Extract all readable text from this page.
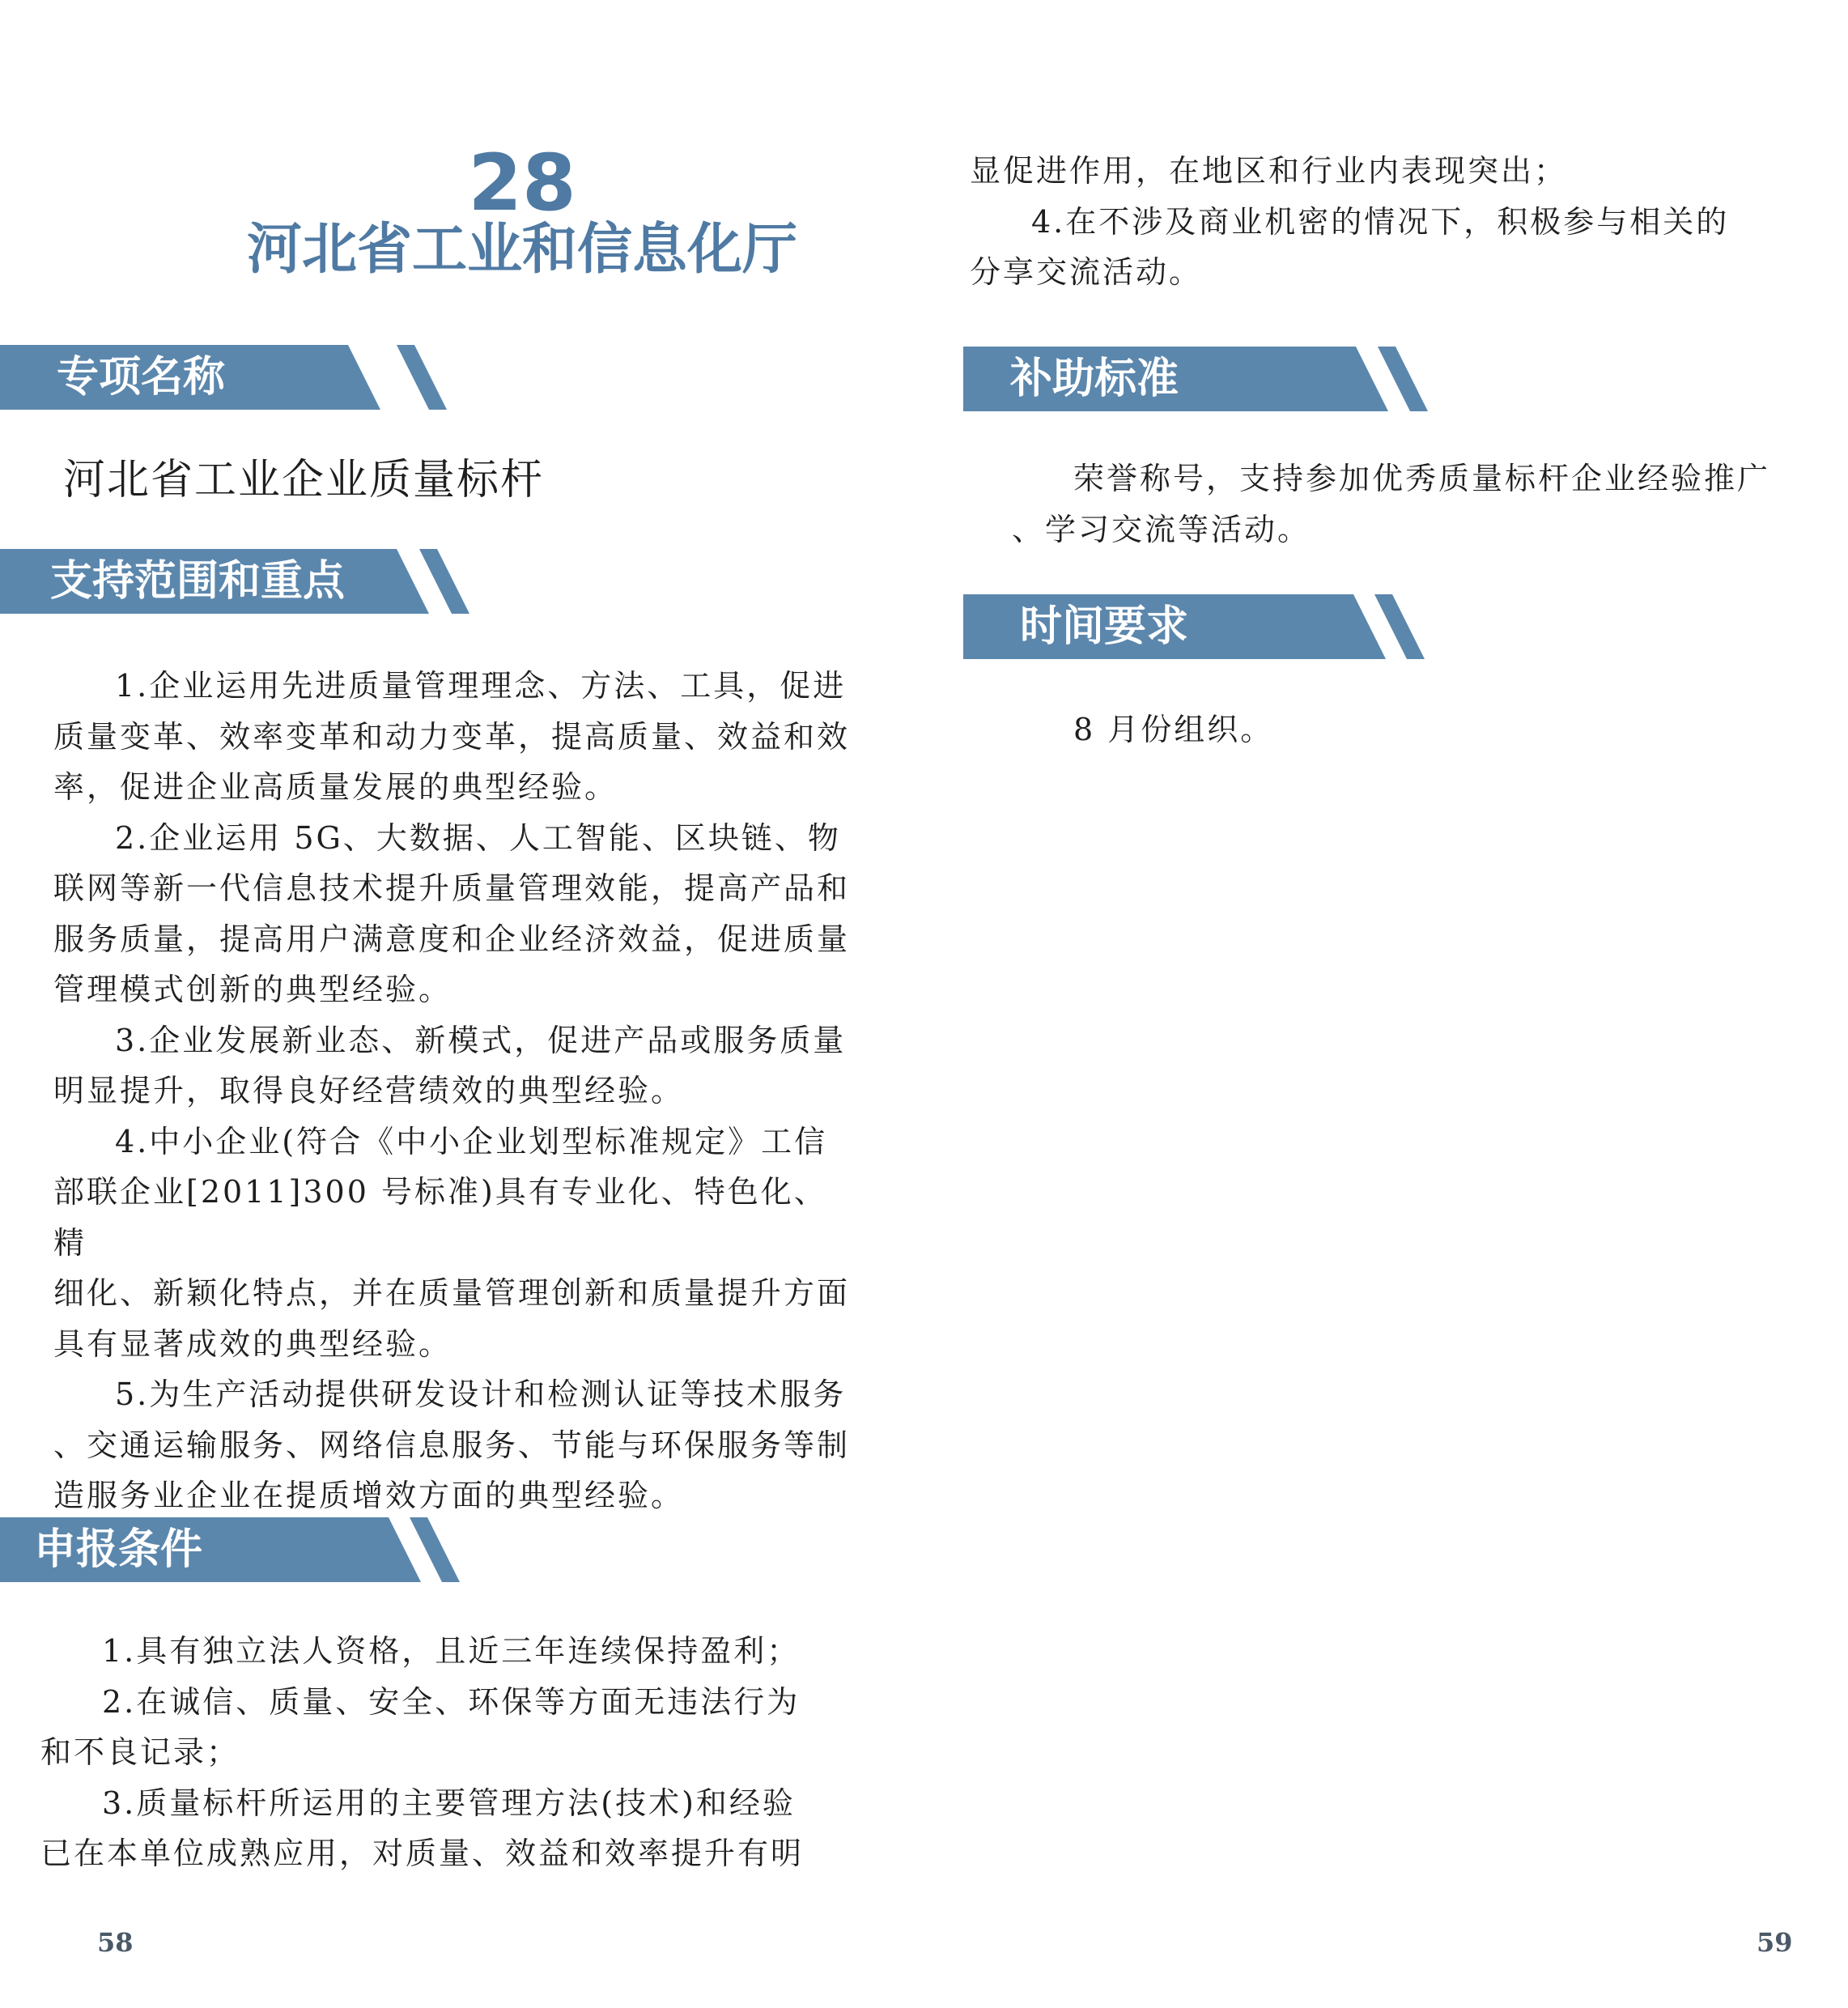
28
河北省工业和信息化厅
专项名称
河北省工业企业质量标杆
支持范围和重点

1.企业运用先进质量管理理念、方法、工具，促进

质量变革、效率变革和动力变革，提高质量、效益和效

率，促进企业高质量发展的典型经验。

2.企业运用 5G、大数据、人工智能、区块链、物

联网等新一代信息技术提升质量管理效能，提高产品和

服务质量，提高用户满意度和企业经济效益，促进质量

管理模式创新的典型经验。

3.企业发展新业态、新模式，促进产品或服务质量

明显提升，取得良好经营绩效的典型经验。

4.中小企业(符合《中小企业划型标准规定》工信

部联企业[2011]300 号标准)具有专业化、特色化、精

细化、新颖化特点，并在质量管理创新和质量提升方面

具有显著成效的典型经验。

5.为生产活动提供研发设计和检测认证等技术服务

、交通运输服务、网络信息服务、节能与环保服务等制

造服务业企业在提质增效方面的典型经验。

申报条件

1.具有独立法人资格，且近三年连续保持盈利；

2.在诚信、质量、安全、环保等方面无违法行为

和不良记录；

3.质量标杆所运用的主要管理方法(技术)和经验

已在本单位成熟应用，对质量、效益和效率提升有明

58

显促进作用，在地区和行业内表现突出；

4.在不涉及商业机密的情况下，积极参与相关的

分享交流活动。

补助标准

荣誉称号，支持参加优秀质量标杆企业经验推广

、学习交流等活动。

时间要求

8 月份组织。

59
